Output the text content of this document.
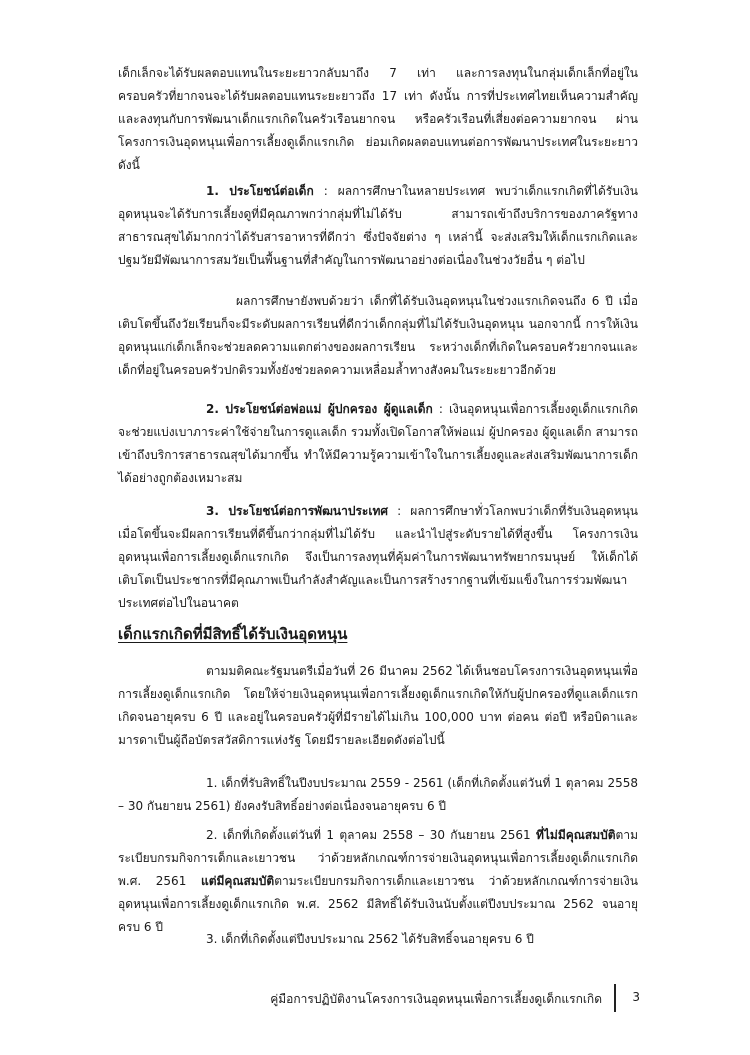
เด็กเล็กจะได้รับผลตอบแทนในระยะยาวกลับมาถึง 7 เท่า และการลงทุนในกลุ่มเด็กเล็กที่อยู่ในครอบครัวที่ยากจนจะได้รับผลตอบแทนระยะยาวถึง 17 เท่า ดังนั้น การที่ประเทศไทยเห็นความสำคัญและลงทุนกับการพัฒนาเด็กแรกเกิดในครัวเรือนยากจน หรือครัวเรือนที่เสี่ยงต่อความยากจน ผ่านโครงการเงินอุดหนุนเพื่อการเลี้ยงดูเด็กแรกเกิด ย่อมเกิดผลตอบแทนต่อการพัฒนาประเทศในระยะยาว ดังนี้

1. ประโยชน์ต่อเด็ก : ผลการศึกษาในหลายประเทศ พบว่าเด็กแรกเกิดที่ได้รับเงินอุดหนุนจะได้รับการเลี้ยงดูที่มีคุณภาพกว่ากลุ่มที่ไม่ได้รับ สามารถเข้าถึงบริการของภาครัฐทางสาธารณสุขได้มากกว่าได้รับสารอาหารที่ดีกว่า ซึ่งปัจจัยต่าง ๆ เหล่านี้ จะส่งเสริมให้เด็กแรกเกิดและปฐมวัยมีพัฒนาการสมวัยเป็นพื้นฐานที่สำคัญในการพัฒนาอย่างต่อเนื่องในช่วงวัยอื่น ๆ ต่อไป

ผลการศึกษายังพบด้วยว่า เด็กที่ได้รับเงินอุดหนุนในช่วงแรกเกิดจนถึง 6 ปี เมื่อเติบโตขึ้นถึงวัยเรียนก็จะมีระดับผลการเรียนที่ดีกว่าเด็กกลุ่มที่ไม่ได้รับเงินอุดหนุน นอกจากนี้ การให้เงินอุดหนุนแก่เด็กเล็กจะช่วยลดความแตกต่างของผลการเรียน ระหว่างเด็กที่เกิดในครอบครัวยากจนและเด็กที่อยู่ในครอบครัวปกติรวมทั้งยังช่วยลดความเหลื่อมล้ำทางสังคมในระยะยาวอีกด้วย

2. ประโยชน์ต่อพ่อแม่ ผู้ปกครอง ผู้ดูแลเด็ก : เงินอุดหนุนเพื่อการเลี้ยงดูเด็กแรกเกิดจะช่วยแบ่งเบาภาระค่าใช้จ่ายในการดูแลเด็ก รวมทั้งเปิดโอกาสให้พ่อแม่ ผู้ปกครอง ผู้ดูแลเด็ก สามารถเข้าถึงบริการสาธารณสุขได้มากขึ้น ทำให้มีความรู้ความเข้าใจในการเลี้ยงดูและส่งเสริมพัฒนาการเด็กได้อย่างถูกต้องเหมาะสม

3. ประโยชน์ต่อการพัฒนาประเทศ : ผลการศึกษาทั่วโลกพบว่าเด็กที่รับเงินอุดหนุนเมื่อโตขึ้นจะมีผลการเรียนที่ดีขึ้นกว่ากลุ่มที่ไม่ได้รับ และนำไปสู่ระดับรายได้ที่สูงขึ้น โครงการเงินอุดหนุนเพื่อการเลี้ยงดูเด็กแรกเกิด จึงเป็นการลงทุนที่คุ้มค่าในการพัฒนาทรัพยากรมนุษย์ ให้เด็กได้เติบโตเป็นประชากรที่มีคุณภาพเป็นกำลังสำคัญและเป็นการสร้างรากฐานที่เข้มแข็งในการร่วมพัฒนาประเทศต่อไปในอนาคต

เด็กแรกเกิดที่มีสิทธิ์ได้รับเงินอุดหนุน

ตามมติคณะรัฐมนตรีเมื่อวันที่ 26 มีนาคม 2562 ได้เห็นชอบโครงการเงินอุดหนุนเพื่อการเลี้ยงดูเด็กแรกเกิด โดยให้จ่ายเงินอุดหนุนเพื่อการเลี้ยงดูเด็กแรกเกิดให้กับผู้ปกครองที่ดูแลเด็กแรกเกิดจนอายุครบ 6 ปี และอยู่ในครอบครัวผู้ที่มีรายได้ไม่เกิน 100,000 บาท ต่อคน ต่อปี หรือบิดาและมารดาเป็นผู้ถือบัตรสวัสดิการแห่งรัฐ โดยมีรายละเอียดดังต่อไปนี้

1. เด็กที่รับสิทธิ์ในปีงบประมาณ 2559 - 2561 (เด็กที่เกิดตั้งแต่วันที่ 1 ตุลาคม 2558 – 30 กันยายน 2561) ยังคงรับสิทธิ์อย่างต่อเนื่องจนอายุครบ 6 ปี

2. เด็กที่เกิดตั้งแต่วันที่ 1 ตุลาคม 2558 – 30 กันยายน 2561 ที่ไม่มีคุณสมบัติตามระเบียบกรมกิจการเด็กและเยาวชน ว่าด้วยหลักเกณฑ์การจ่ายเงินอุดหนุนเพื่อการเลี้ยงดูเด็กแรกเกิด พ.ศ. 2561 แต่มีคุณสมบัติตามระเบียบกรมกิจการเด็กและเยาวชน ว่าด้วยหลักเกณฑ์การจ่ายเงินอุดหนุนเพื่อการเลี้ยงดูเด็กแรกเกิด พ.ศ. 2562 มีสิทธิ์ได้รับเงินนับตั้งแต่ปีงบประมาณ 2562 จนอายุครบ 6 ปี

3. เด็กที่เกิดตั้งแต่ปีงบประมาณ 2562 ได้รับสิทธิ์จนอายุครบ 6 ปี

คู่มือการปฏิบัติงานโครงการเงินอุดหนุนเพื่อการเลี้ยงดูเด็กแรกเกิด	3
